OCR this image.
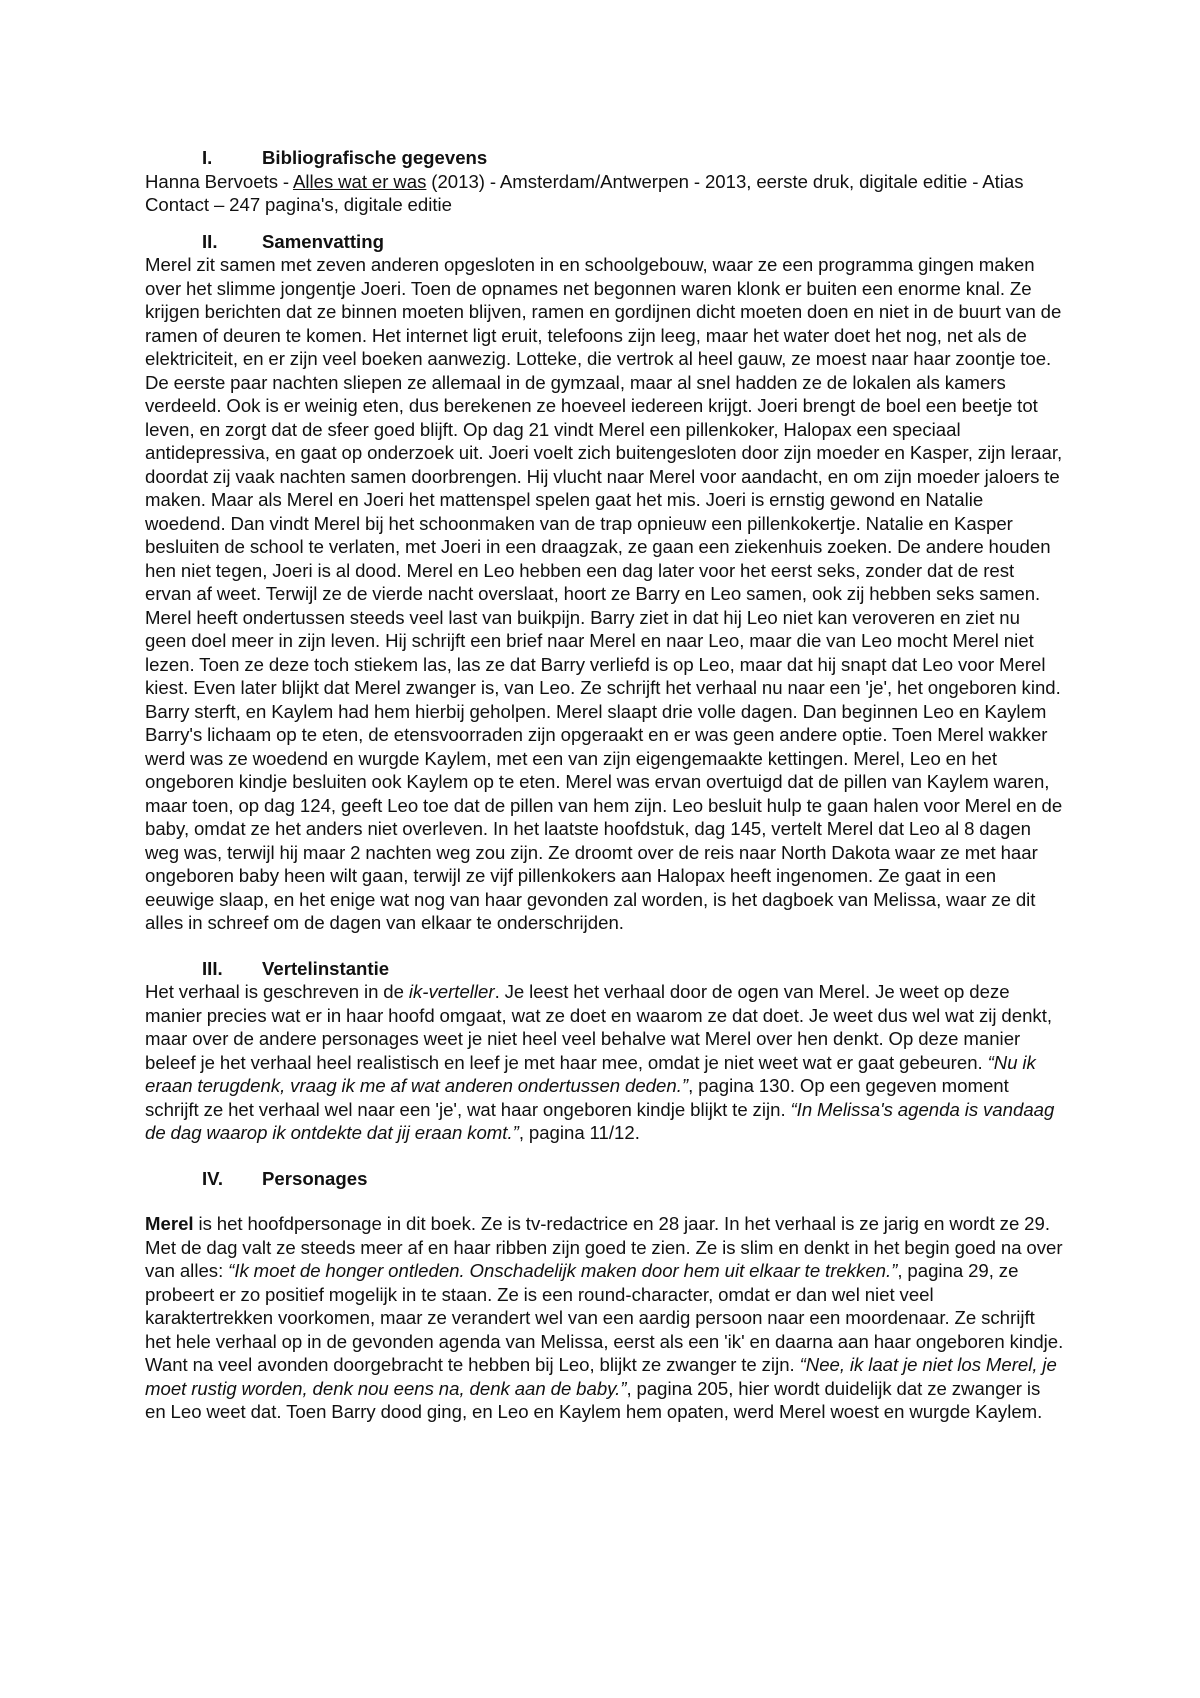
I.	Bibliografische gegevens

Hanna Bervoets - Alles wat er was (2013) - Amsterdam/Antwerpen - 2013, eerste druk, digitale editie - Atias Contact – 247 pagina's, digitale editie

II.	Samenvatting

Merel zit samen met zeven anderen opgesloten in en schoolgebouw, waar ze een programma gingen maken over het slimme jongentje Joeri. Toen de opnames net begonnen waren klonk er buiten een enorme knal. Ze krijgen berichten dat ze binnen moeten blijven, ramen en gordijnen dicht moeten doen en niet in de buurt van de ramen of deuren te komen. Het internet ligt eruit, telefoons zijn leeg, maar het water doet het nog, net als de elektriciteit, en er zijn veel boeken aanwezig. Lotteke, die vertrok al heel gauw, ze moest naar haar zoontje toe. De eerste paar nachten sliepen ze allemaal in de gymzaal, maar al snel hadden ze de lokalen als kamers verdeeld. Ook is er weinig eten, dus berekenen ze hoeveel iedereen krijgt. Joeri brengt de boel een beetje tot leven, en zorgt dat de sfeer goed blijft. Op dag 21 vindt Merel een pillenkoker, Halopax een speciaal antidepressiva, en gaat op onderzoek uit. Joeri voelt zich buitengesloten door zijn moeder en Kasper, zijn leraar, doordat zij vaak nachten samen doorbrengen. Hij vlucht naar Merel voor aandacht, en om zijn moeder jaloers te maken. Maar als Merel en Joeri het mattenspel spelen gaat het mis. Joeri is ernstig gewond en Natalie woedend. Dan vindt Merel bij het schoonmaken van de trap opnieuw een pillenkokertje. Natalie en Kasper besluiten de school te verlaten, met Joeri in een draagzak, ze gaan een ziekenhuis zoeken. De andere houden hen niet tegen, Joeri is al dood. Merel en Leo hebben een dag later voor het eerst seks, zonder dat de rest ervan af weet. Terwijl ze de vierde nacht overslaat, hoort ze Barry en Leo samen, ook zij hebben seks samen. Merel heeft ondertussen steeds veel last van buikpijn. Barry ziet in dat hij Leo niet kan veroveren en ziet nu geen doel meer in zijn leven. Hij schrijft een brief naar Merel en naar Leo, maar die van Leo mocht Merel niet lezen. Toen ze deze toch stiekem las, las ze dat Barry verliefd is op Leo, maar dat hij snapt dat Leo voor Merel kiest. Even later blijkt dat Merel zwanger is, van Leo. Ze schrijft het verhaal nu naar een 'je', het ongeboren kind. Barry sterft, en Kaylem had hem hierbij geholpen. Merel slaapt drie volle dagen. Dan beginnen Leo en Kaylem Barry's lichaam op te eten, de etensvoorraden zijn opgeraakt en er was geen andere optie. Toen Merel wakker werd was ze woedend en wurgde Kaylem, met een van zijn eigengemaakte kettingen. Merel, Leo en het ongeboren kindje besluiten ook Kaylem op te eten. Merel was ervan overtuigd dat de pillen van Kaylem waren, maar toen, op dag 124, geeft Leo toe dat de pillen van hem zijn. Leo besluit hulp te gaan halen voor Merel en de baby, omdat ze het anders niet overleven. In het laatste hoofdstuk, dag 145, vertelt Merel dat Leo al 8 dagen weg was, terwijl hij maar 2 nachten weg zou zijn. Ze droomt over de reis naar North Dakota waar ze met haar ongeboren baby heen wilt gaan, terwijl ze vijf pillenkokers aan Halopax heeft ingenomen. Ze gaat in een eeuwige slaap, en het enige wat nog van haar gevonden zal worden, is het dagboek van Melissa, waar ze dit alles in schreef om de dagen van elkaar te onderschrijden.

III.	Vertelinstantie

Het verhaal is geschreven in de ik-verteller. Je leest het verhaal door de ogen van Merel. Je weet op deze manier precies wat er in haar hoofd omgaat, wat ze doet en waarom ze dat doet. Je weet dus wel wat zij denkt, maar over de andere personages weet je niet heel veel behalve wat Merel over hen denkt. Op deze manier beleef je het verhaal heel realistisch en leef je met haar mee, omdat je niet weet wat er gaat gebeuren. “Nu ik eraan terugdenk, vraag ik me af wat anderen ondertussen deden.”, pagina 130. Op een gegeven moment schrijft ze het verhaal wel naar een 'je', wat haar ongeboren kindje blijkt te zijn. “In Melissa's agenda is vandaag de dag waarop ik ontdekte dat jij eraan komt.”, pagina 11/12.

IV.	Personages

Merel is het hoofdpersonage in dit boek. Ze is tv-redactrice en 28 jaar. In het verhaal is ze jarig en wordt ze 29. Met de dag valt ze steeds meer af en haar ribben zijn goed te zien. Ze is slim en denkt in het begin goed na over van alles: “Ik moet de honger ontleden. Onschadelijk maken door hem uit elkaar te trekken.”, pagina 29, ze probeert er zo positief mogelijk in te staan. Ze is een round-character, omdat er dan wel niet veel karaktertrekken voorkomen, maar ze verandert wel van een aardig persoon naar een moordenaar. Ze schrijft het hele verhaal op in de gevonden agenda van Melissa, eerst als een 'ik' en daarna aan haar ongeboren kindje. Want na veel avonden doorgebracht te hebben bij Leo, blijkt ze zwanger te zijn. “Nee, ik laat je niet los Merel, je moet rustig worden, denk nou eens na, denk aan de baby.”, pagina 205, hier wordt duidelijk dat ze zwanger is en Leo weet dat. Toen Barry dood ging, en Leo en Kaylem hem opaten, werd Merel woest en wurgde Kaylem.
